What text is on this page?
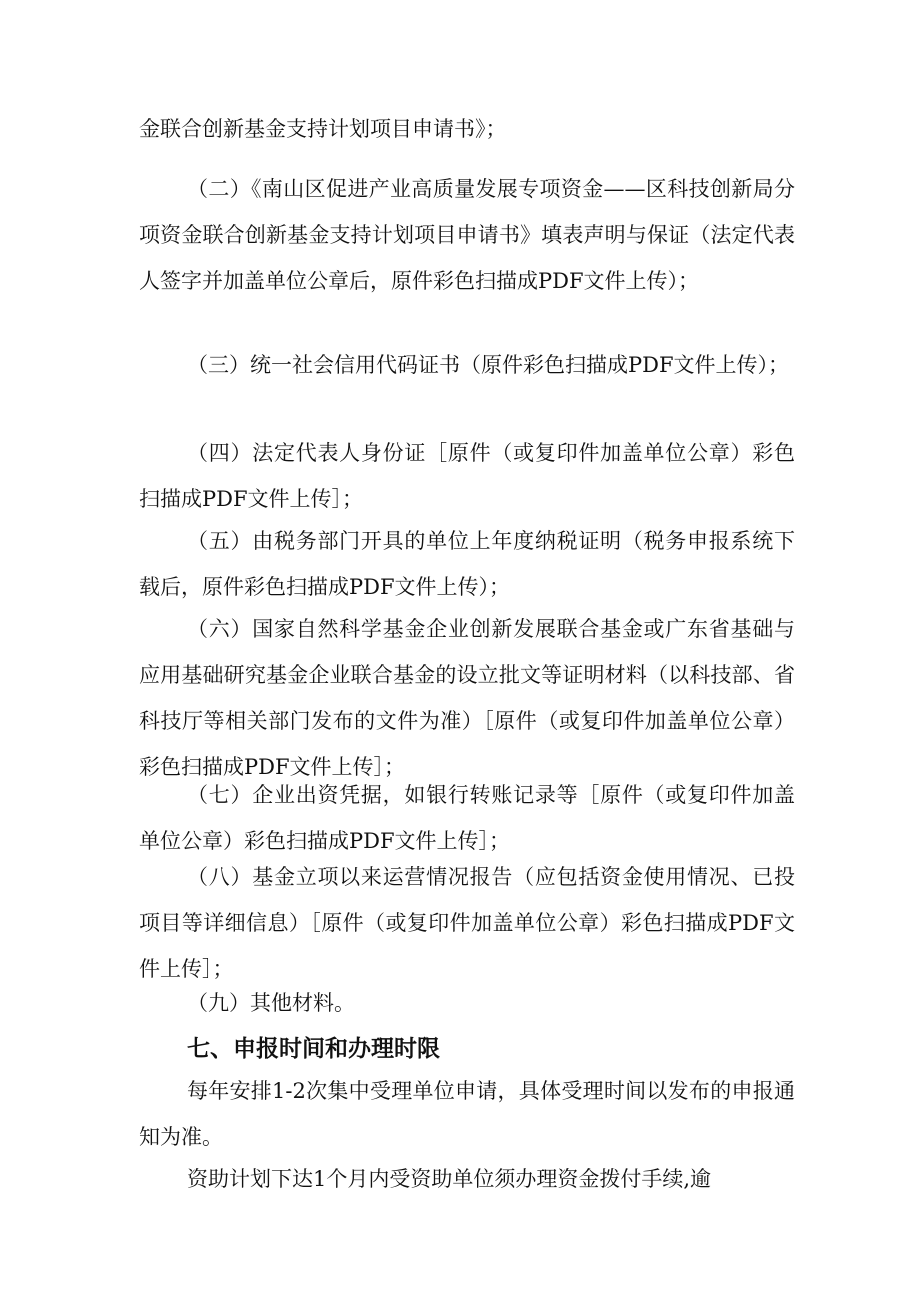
金联合创新基金支持计划项目申请书》；

（二）《南山区促进产业高质量发展专项资金——区科技创新局分项资金联合创新基金支持计划项目申请书》填表声明与保证（法定代表人签字并加盖单位公章后，原件彩色扫描成PDF文件上传）；

（三）统一社会信用代码证书（原件彩色扫描成PDF文件上传）；

（四）法定代表人身份证［原件（或复印件加盖单位公章）彩色扫描成PDF文件上传］；

（五）由税务部门开具的单位上年度纳税证明（税务申报系统下载后，原件彩色扫描成PDF文件上传）；

（六）国家自然科学基金企业创新发展联合基金或广东省基础与应用基础研究基金企业联合基金的设立批文等证明材料（以科技部、省科技厅等相关部门发布的文件为准）［原件（或复印件加盖单位公章）彩色扫描成PDF文件上传］；

（七）企业出资凭据，如银行转账记录等［原件（或复印件加盖单位公章）彩色扫描成PDF文件上传］；

（八）基金立项以来运营情况报告（应包括资金使用情况、已投项目等详细信息）［原件（或复印件加盖单位公章）彩色扫描成PDF文件上传］；

（九）其他材料。

七、申报时间和办理时限

每年安排1-2次集中受理单位申请，具体受理时间以发布的申报通知为准。

资助计划下达1个月内受资助单位须办理资金拨付手续,逾
